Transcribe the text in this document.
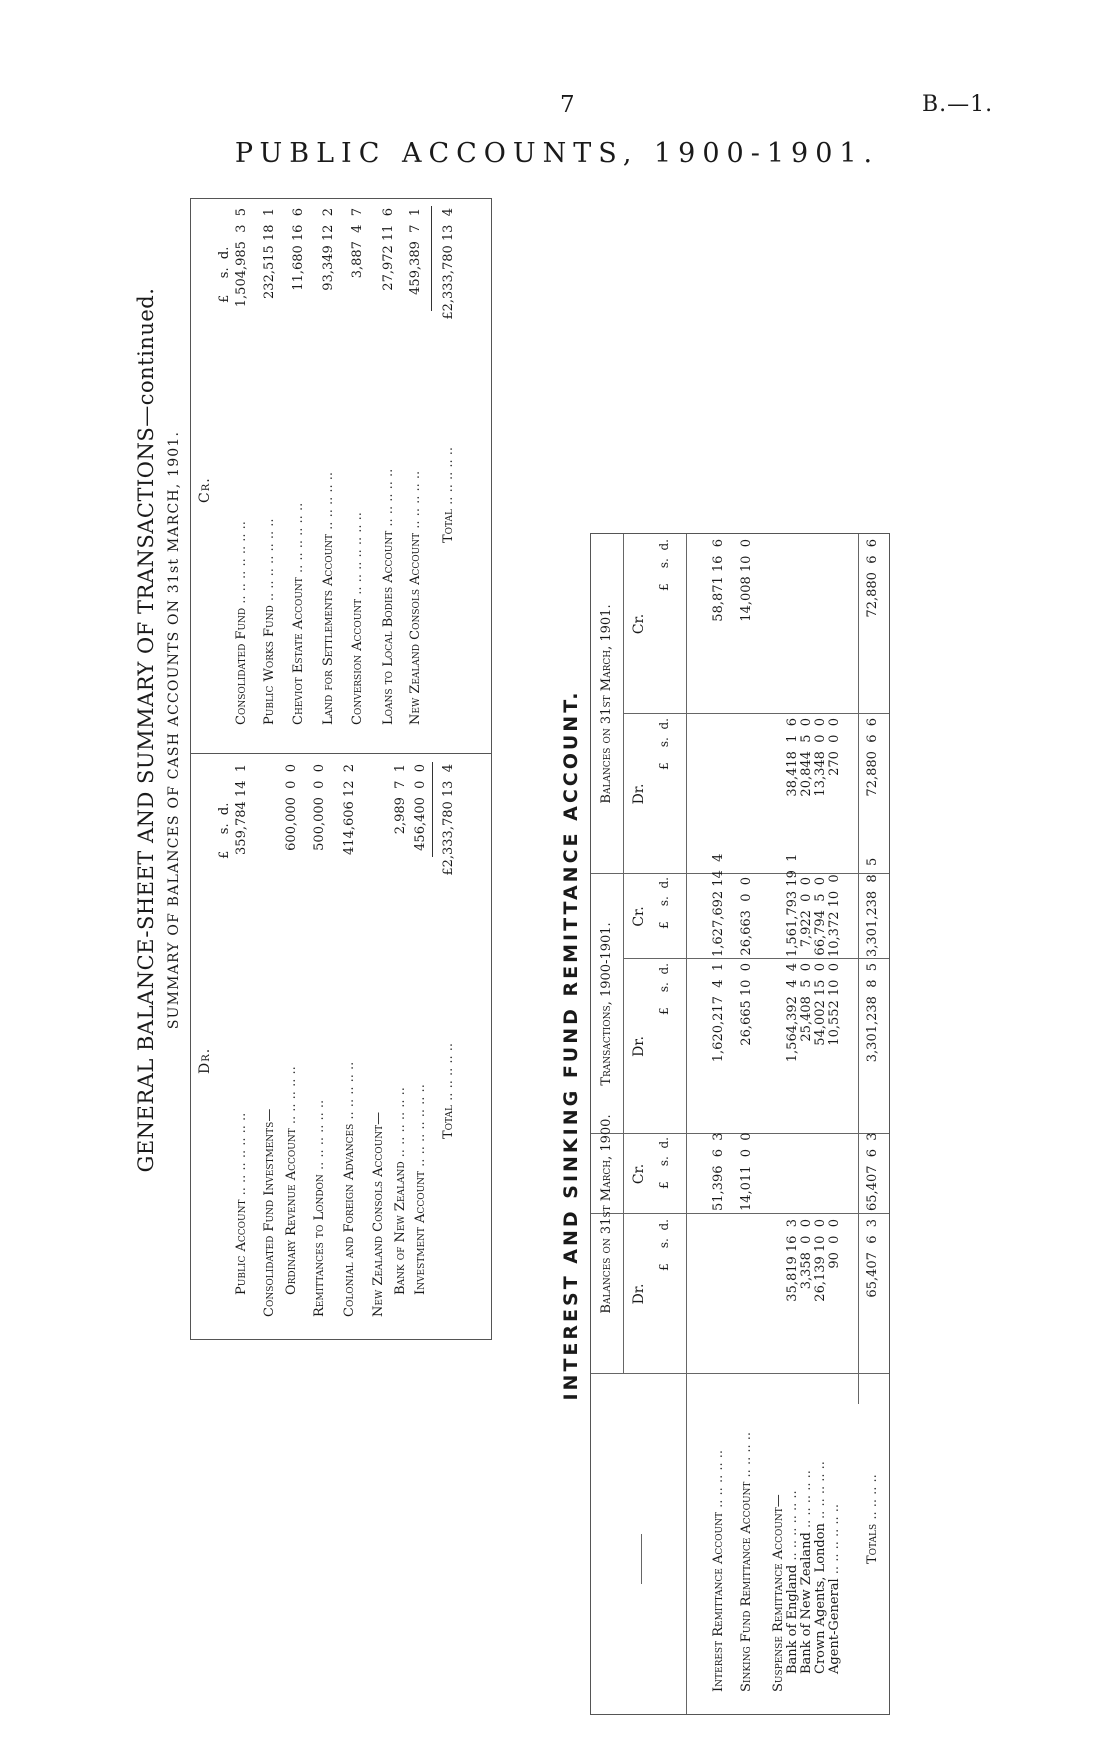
7	B.—1.
PUBLIC ACCOUNTS, 1900-1901.
GENERAL BALANCE-SHEET AND SUMMARY OF TRANSACTIONS—continued. SUMMARY OF BALANCES OF CASH ACCOUNTS ON 31st MARCH, 1901.
Dr.
£    s.  d.
Public Account .. .. .. .. .. .. ..
359,784 14  1
Consolidated Fund Investments— Ordinary Revenue Account .. .. .. .. ..
600,000  0  0
Remittances to London .. .. .. .. .. ..
500,000  0  0
Colonial and Foreign Advances .. .. .. .. ..
414,606 12  2
New Zealand Consols Account— Bank of New Zealand .. .. .. .. .. ..
2,989  7  1
Investment Account .. .. .. .. .. .. ..
456,400  0  0
Total .. .. .. .. ..
£2,333,780 13  4
Cr.
£    s.  d.
Consolidated Fund .. .. .. .. .. .. ..
1,504,985  3  5
Public Works Fund .. .. .. .. .. .. ..
232,515 18  1
Cheviot Estate Account .. .. .. .. .. ..
11,680 16  6
Land for Settlements Account .. .. .. .. ..
93,349 12  2
Conversion Account .. .. .. .. .. .. ..
3,887  4  7
Loans to Local Bodies Account .. .. .. .. ..
27,972 11  6
New Zealand Consols Account .. .. .. .. ..
459,389  7  1
Total .. .. .. .. ..
£2,333,780 13  4
INTEREST AND SINKING FUND REMITTANCE ACCOUNT. Balances on 31st March, 1900.
Transactions, 1900-1901.
Balances on 31st March, 1901.
Dr.
Cr.
Dr.
Cr.
Dr.
Cr.
£    s.  d.
£    s.  d.
£    s.  d.
£    s.  d.
£    s.  d.
£    s.  d.
Interest Remittance Account .. .. .. .. ..
51,396  6  3
1,620,217  4  1
1,627,692 14  4
58,871 16  6
Sinking Fund Remittance Account .. .. .. ..
14,011  0  0
26,665 10  0
26,663  0  0
14,008 10  0
Suspense Remittance Account— Bank of England .. .. .. .. .. ..
35,819 16  3
1,564,392  4  4
1,561,793 19  1
38,418  1  6
Bank of New Zealand .. .. .. .. ..
3,358  0  0
25,408  5  0
7,922  0  0
20,844  5  0
Crown Agents, London .. .. .. .. ..
26,139 10  0
54,002 15  0
66,794  5  0
13,348  0  0
Agent-General .. .. .. .. .. ..
90  0  0
10,552 10  0
10,372 10  0
270  0  0
Totals .. .. .. ..
65,407  6  3
65,407  6  3
3,301,238  8  5
3,301,238  8  5
72,880  6  6
72,880  6  6
